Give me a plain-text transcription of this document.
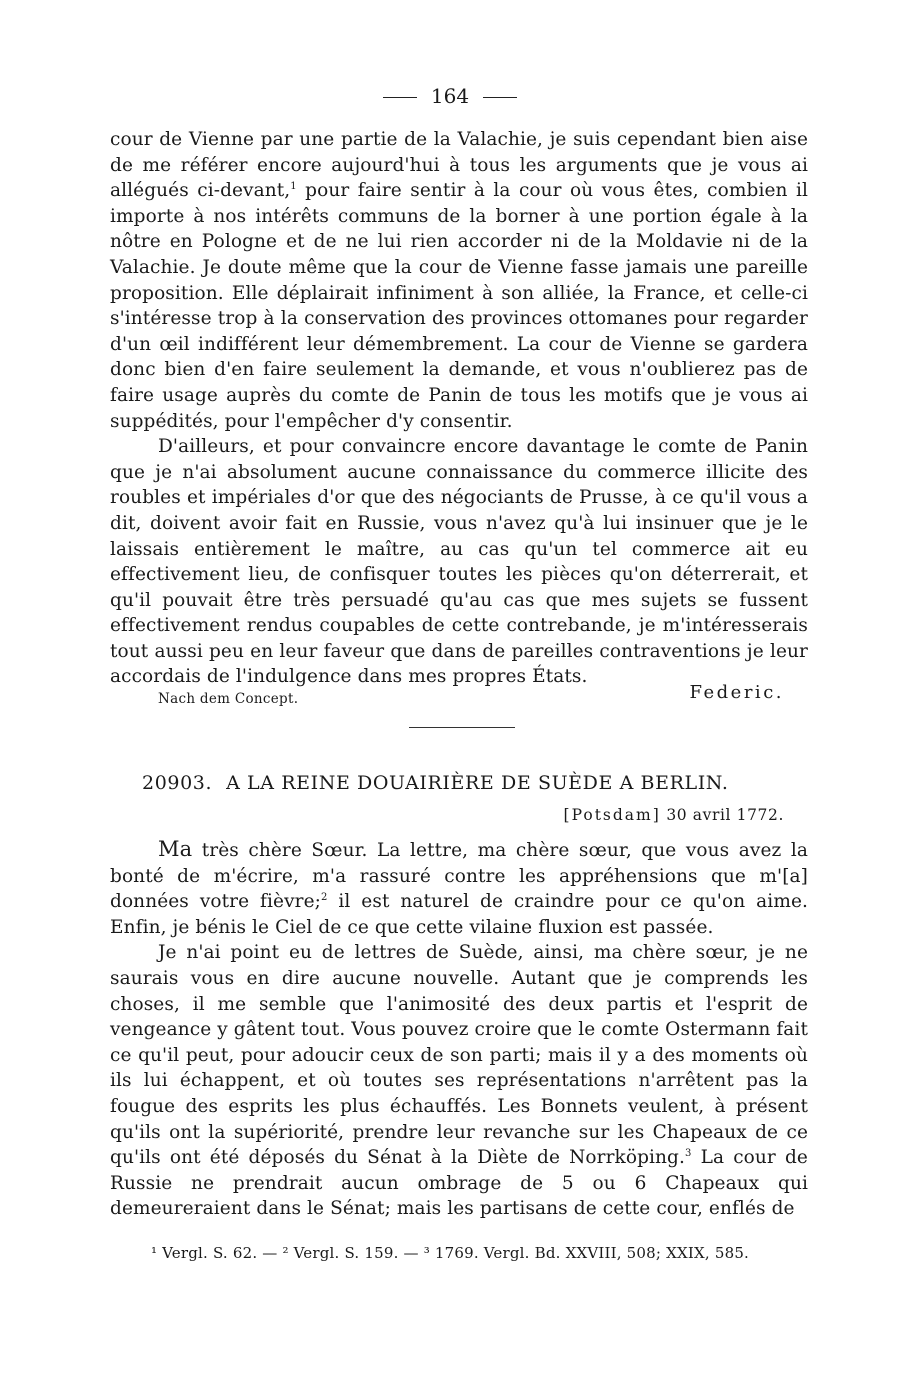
164

cour de Vienne par une partie de la Valachie, je suis cependant bien aise de me référer encore aujourd'hui à tous les arguments que je vous ai allégués ci-devant,$^1$ pour faire sentir à la cour où vous êtes, combien il importe à nos intérêts communs de la borner à une portion égale à la nôtre en Pologne et de ne lui rien accorder ni de la Moldavie ni de la Valachie. Je doute même que la cour de Vienne fasse jamais une pareille proposition. Elle déplairait infiniment à son alliée, la France, et celle-ci s'intéresse trop à la conservation des provinces ottomanes pour regarder d'un œil indifférent leur démembrement. La cour de Vienne se gardera donc bien d'en faire seulement la demande, et vous n'oublierez pas de faire usage auprès du comte de Panin de tous les motifs que je vous ai suppédités, pour l'empêcher d'y consentir.

D'ailleurs, et pour convaincre encore davantage le comte de Panin que je n'ai absolument aucune connaissance du commerce illicite des roubles et impériales d'or que des négociants de Prusse, à ce qu'il vous a dit, doivent avoir fait en Russie, vous n'avez qu'à lui insinuer que je le laissais entièrement le maître, au cas qu'un tel commerce ait eu effectivement lieu, de confisquer toutes les pièces qu'on déterrerait, et qu'il pouvait être très persuadé qu'au cas que mes sujets se fussent effectivement rendus coupables de cette contrebande, je m'intéresserais tout aussi peu en leur faveur que dans de pareilles contraventions je leur accordais de l'indulgence dans mes propres États.

Nach dem Concept.	Federic.
20903. A LA REINE DOUAIRIÈRE DE SUÈDE A BERLIN.
[Potsdam] 30 avril 1772.

Ma très chère Sœur. La lettre, ma chère sœur, que vous avez la bonté de m'écrire, m'a rassuré contre les appréhensions que m'[a] données votre fièvre;$^2$ il est naturel de craindre pour ce qu'on aime. Enfin, je bénis le Ciel de ce que cette vilaine fluxion est passée.

Je n'ai point eu de lettres de Suède, ainsi, ma chère sœur, je ne saurais vous en dire aucune nouvelle. Autant que je comprends les choses, il me semble que l'animosité des deux partis et l'esprit de vengeance y gâtent tout. Vous pouvez croire que le comte Ostermann fait ce qu'il peut, pour adoucir ceux de son parti; mais il y a des moments où ils lui échappent, et où toutes ses représentations n'arrêtent pas la fougue des esprits les plus échauffés. Les Bonnets veulent, à présent qu'ils ont la supériorité, prendre leur revanche sur les Chapeaux de ce qu'ils ont été déposés du Sénat à la Diète de Norrköping.$^3$ La cour de Russie ne prendrait aucun ombrage de 5 ou 6 Chapeaux qui demeureraient dans le Sénat; mais les partisans de cette cour, enflés de

¹ Vergl. S. 62. — ² Vergl. S. 159. — ³ 1769. Vergl. Bd. XXVIII, 508; XXIX, 585.
